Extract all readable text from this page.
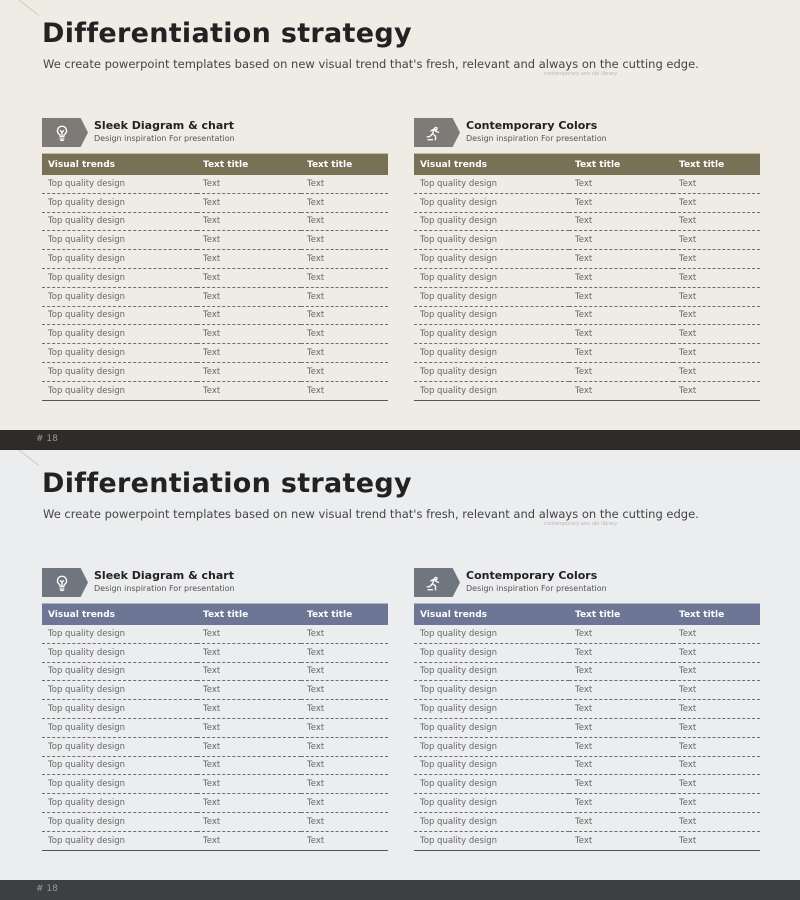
Differentiation strategy

We create powerpoint templates based on new visual trend that's fresh, relevant and always on the cutting edge.

contemporary ann ubi library
Sleek Diagram & chart
Design inspiration For presentation
Visual trends	Text title	Text title
Top quality design	Text	Text
Top quality design	Text	Text
Top quality design	Text	Text
Top quality design	Text	Text
Top quality design	Text	Text
Top quality design	Text	Text
Top quality design	Text	Text
Top quality design	Text	Text
Top quality design	Text	Text
Top quality design	Text	Text
Top quality design	Text	Text
Top quality design	Text	Text
Contemporary Colors
Design inspiration For presentation
Visual trends	Text title	Text title
Top quality design	Text	Text
Top quality design	Text	Text
Top quality design	Text	Text
Top quality design	Text	Text
Top quality design	Text	Text
Top quality design	Text	Text
Top quality design	Text	Text
Top quality design	Text	Text
Top quality design	Text	Text
Top quality design	Text	Text
Top quality design	Text	Text
Top quality design	Text	Text
# 18
Differentiation strategy

We create powerpoint templates based on new visual trend that's fresh, relevant and always on the cutting edge.

contemporary ann ubi library
Sleek Diagram & chart
Design inspiration For presentation
Visual trends	Text title	Text title
Top quality design	Text	Text
Top quality design	Text	Text
Top quality design	Text	Text
Top quality design	Text	Text
Top quality design	Text	Text
Top quality design	Text	Text
Top quality design	Text	Text
Top quality design	Text	Text
Top quality design	Text	Text
Top quality design	Text	Text
Top quality design	Text	Text
Top quality design	Text	Text
Contemporary Colors
Design inspiration For presentation
Visual trends	Text title	Text title
Top quality design	Text	Text
Top quality design	Text	Text
Top quality design	Text	Text
Top quality design	Text	Text
Top quality design	Text	Text
Top quality design	Text	Text
Top quality design	Text	Text
Top quality design	Text	Text
Top quality design	Text	Text
Top quality design	Text	Text
Top quality design	Text	Text
Top quality design	Text	Text
# 18
